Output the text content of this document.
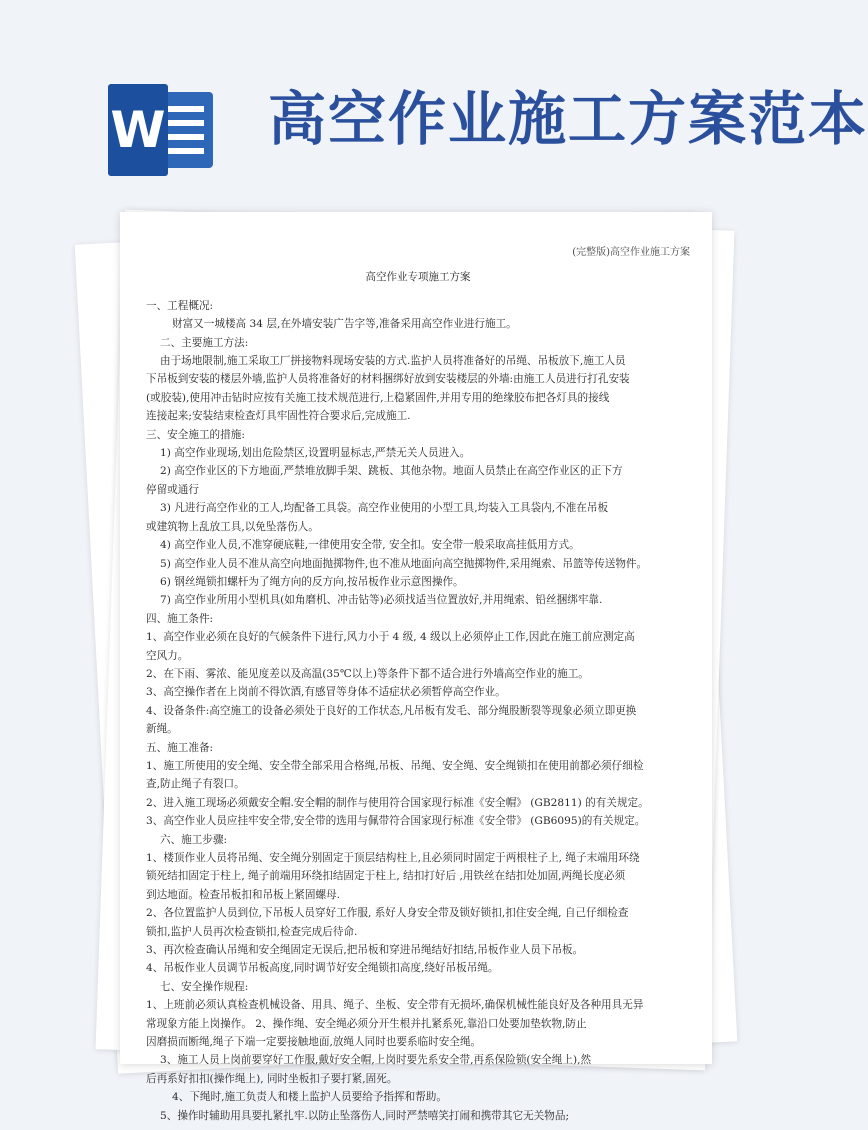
W 高空作业施工方案范本
(完整版)高空作业施工方案
高空作业专项施工方案

一、工程概况:

财富又一城楼高 34 层,在外墙安装广告字等,准备采用高空作业进行施工。

二、主要施工方法:

由于场地限制,施工采取工厂拼接物料现场安装的方式.监护人员将准备好的吊绳、吊板放下,施工人员

下吊板到安装的楼层外墙,监护人员将准备好的材料捆绑好放到安装楼层的外墙:由施工人员进行打孔安装

(或胶装),使用冲击钻时应按有关施工技术规范进行,上稳紧固件,并用专用的绝缘胶布把各灯具的接线

连接起来;安装结束检查灯具牢固性符合要求后,完成施工.

三、安全施工的措施:

1) 高空作业现场,划出危险禁区,设置明显标志,严禁无关人员进入。

2) 高空作业区的下方地面,严禁堆放脚手架、跳板、其他杂物。地面人员禁止在高空作业区的正下方

停留或通行

3) 凡进行高空作业的工人,均配备工具袋。高空作业使用的小型工具,均装入工具袋内,不准在吊板

或建筑物上乱放工具,以免坠落伤人。

4) 高空作业人员,不准穿硬底鞋,一律使用安全带, 安全扣。安全带一般采取高挂低用方式。

5) 高空作业人员不准从高空向地面抛掷物件,也不准从地面向高空抛掷物件,采用绳索、吊篮等传送物件。

6) 钢丝绳锁扣螺杆为了绳方向的反方向,按吊板作业示意图操作。

7) 高空作业所用小型机具(如角磨机、冲击钻等)必须找适当位置放好,并用绳索、铅丝捆绑牢靠.

四、施工条件:

1、高空作业必须在良好的气候条件下进行,风力小于 4 级, 4 级以上必须停止工作,因此在施工前应测定高

空风力。

2、在下雨、雾浓、能见度差以及高温(35℃以上)等条件下都不适合进行外墙高空作业的施工。

3、高空操作者在上岗前不得饮酒,有感冒等身体不适症状必须暂停高空作业。

4、设备条件:高空施工的设备必须处于良好的工作状态,凡吊板有发毛、部分绳股断裂等现象必须立即更换

新绳。

五、施工准备:

1、施工所使用的安全绳、安全带全部采用合格绳,吊板、吊绳、安全绳、安全绳锁扣在使用前都必须仔细检

查,防止绳子有裂口。

2、进入施工现场必须戴安全帽.安全帽的制作与使用符合国家现行标准《安全帽》 (GB2811) 的有关规定。

3、高空作业人员应挂牢安全带,安全带的选用与佩带符合国家现行标准《安全带》 (GB6095)的有关规定。

六、施工步骤:

1、楼顶作业人员将吊绳、安全绳分别固定于顶层结构柱上,且必须同时固定于两根柱子上, 绳子末端用环绕

锁死结扣固定于柱上, 绳子前端用环绕扣结固定于柱上, 结扣打好后 ,用铁丝在结扣处加固,两绳长度必须

到达地面。检查吊板扣和吊板上紧固螺母.

2、各位置监护人员到位,下吊板人员穿好工作服, 系好人身安全带及锁好锁扣,扣住安全绳, 自己仔细检查

锁扣,监护人员再次检查锁扣,检查完成后待命.

3、再次检查确认吊绳和安全绳固定无误后,把吊板和穿进吊绳结好扣结,吊板作业人员下吊板。

4、吊板作业人员调节吊板高度,同时调节好安全绳锁扣高度,绕好吊板吊绳。

七、安全操作规程:

1、上班前必须认真检查机械设备、用具、绳子、坐板、安全带有无损坏,确保机械性能良好及各种用具无异

常现象方能上岗操作。 2、操作绳、安全绳必须分开生根并扎紧系死,靠沿口处要加垫软物,防止

因磨损而断绳,绳子下端一定要接触地面,放绳人同时也要系临时安全绳。

3、施工人员上岗前要穿好工作服,戴好安全帽,上岗时要先系安全带,再系保险锁(安全绳上),然

后再系好扣扣(操作绳上), 同时坐板扣子要打紧,固死。

4、下绳时,施工负责人和楼上监护人员要给予指挥和帮助。

5、操作时辅助用具要扎紧扎牢.以防止坠落伤人,同时严禁嘻笑打闹和携带其它无关物品;
